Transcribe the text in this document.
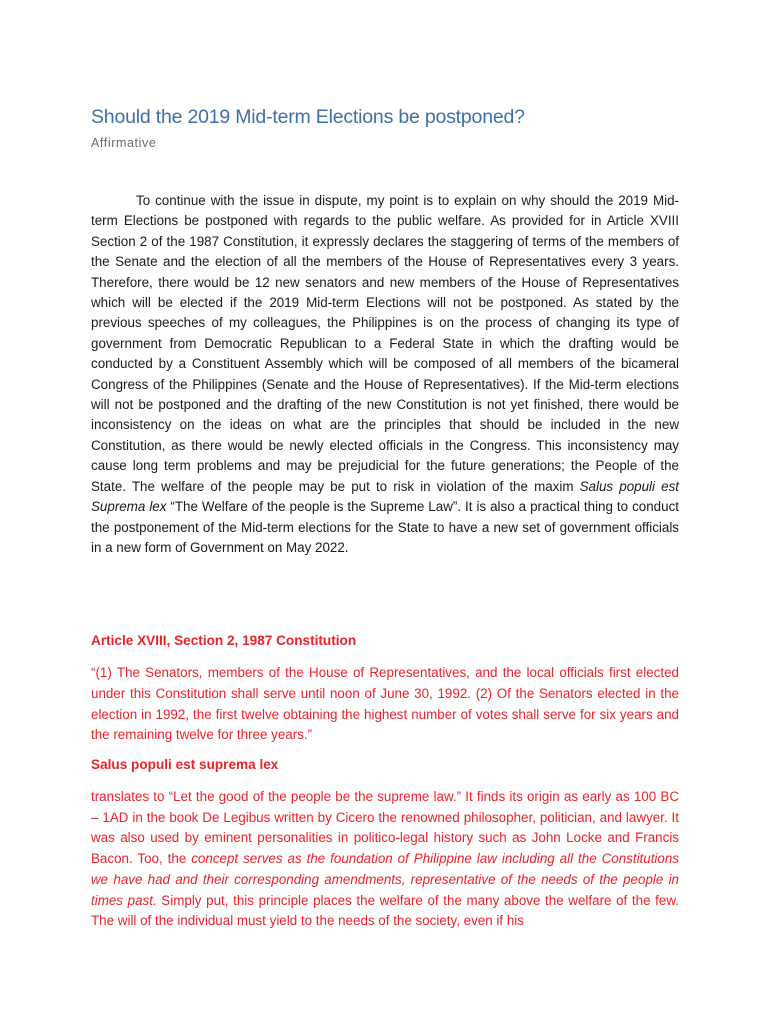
Should the 2019 Mid-term Elections be postponed?
Affirmative

To continue with the issue in dispute, my point is to explain on why should the 2019 Mid-term Elections be postponed with regards to the public welfare. As provided for in Article XVIII Section 2 of the 1987 Constitution, it expressly declares the staggering of terms of the members of the Senate and the election of all the members of the House of Representatives every 3 years. Therefore, there would be 12 new senators and new members of the House of Representatives which will be elected if the 2019 Mid-term Elections will not be postponed. As stated by the previous speeches of my colleagues, the Philippines is on the process of changing its type of government from Democratic Republican to a Federal State in which the drafting would be conducted by a Constituent Assembly which will be composed of all members of the bicameral Congress of the Philippines (Senate and the House of Representatives). If the Mid-term elections will not be postponed and the drafting of the new Constitution is not yet finished, there would be inconsistency on the ideas on what are the principles that should be included in the new Constitution, as there would be newly elected officials in the Congress. This inconsistency may cause long term problems and may be prejudicial for the future generations; the People of the State. The welfare of the people may be put to risk in violation of the maxim Salus populi est Suprema lex “The Welfare of the people is the Supreme Law”. It is also a practical thing to conduct the postponement of the Mid-term elections for the State to have a new set of government officials in a new form of Government on May 2022.

Article XVIII, Section 2, 1987 Constitution

“(1) The Senators, members of the House of Representatives, and the local officials first elected under this Constitution shall serve until noon of June 30, 1992. (2) Of the Senators elected in the election in 1992, the first twelve obtaining the highest number of votes shall serve for six years and the remaining twelve for three years.”

Salus populi est suprema lex

translates to “Let the good of the people be the supreme law.” It finds its origin as early as 100 BC – 1AD in the book De Legibus written by Cicero the renowned philosopher, politician, and lawyer. It was also used by eminent personalities in politico-legal history such as John Locke and Francis Bacon. Too, the concept serves as the foundation of Philippine law including all the Constitutions we have had and their corresponding amendments, representative of the needs of the people in times past. Simply put, this principle places the welfare of the many above the welfare of the few. The will of the individual must yield to the needs of the society, even if his
